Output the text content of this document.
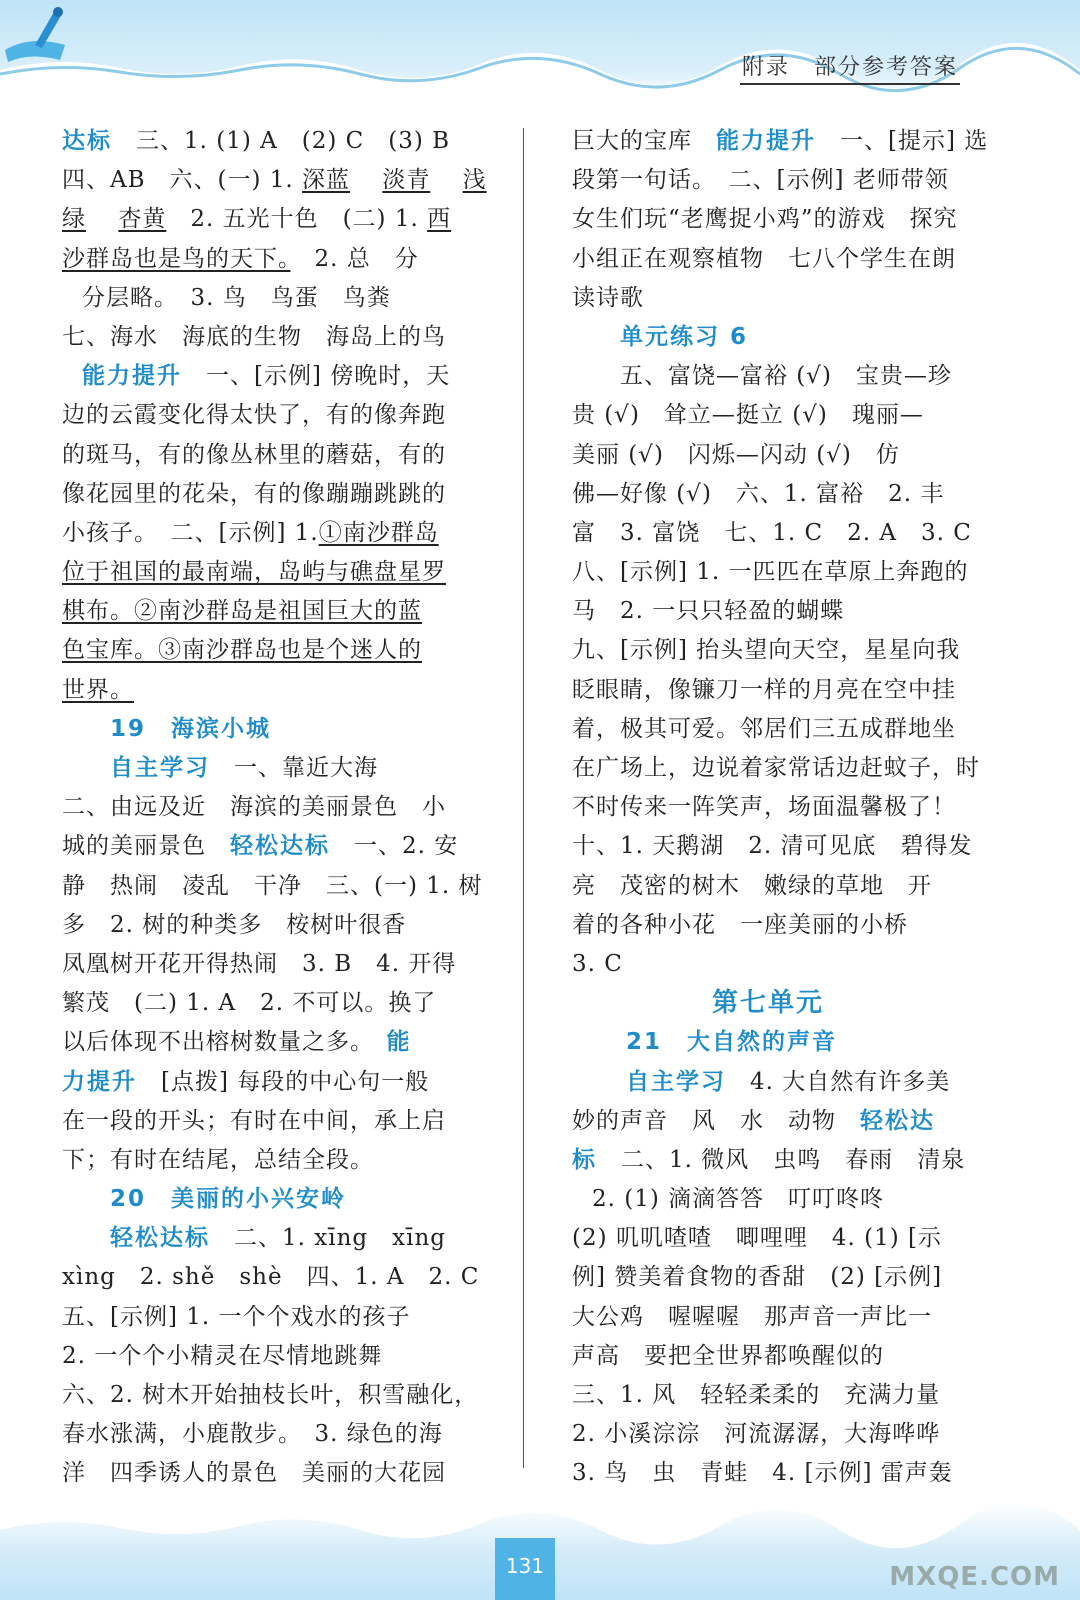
附录　部分参考答案
达标　三、1. (1) A　(2) C　(3) B
四、AB　六、(一) 1. 深蓝　 淡青　 浅
绿　 杏黄　2. 五光十色　(二) 1. 西
沙群岛也是鸟的天下。　2. 总　分
分层略。　3. 鸟　鸟蛋　鸟粪
七、海水　海底的生物　海岛上的鸟
能力提升　一、[示例] 傍晚时，天
边的云霞变化得太快了，有的像奔跑
的斑马，有的像丛林里的蘑菇，有的
像花园里的花朵，有的像蹦蹦跳跳的
小孩子。　二、[示例] 1.①南沙群岛
位于祖国的最南端，岛屿与礁盘星罗
棋布。②南沙群岛是祖国巨大的蓝
色宝库。③南沙群岛也是个迷人的
世界。
19　海滨小城
自主学习　一、靠近大海
二、由远及近　海滨的美丽景色　小
城的美丽景色　轻松达标　一、2. 安
静　热闹　凌乱　干净　三、(一) 1. 树
多　2. 树的种类多　桉树叶很香
凤凰树开花开得热闹　3. B　4. 开得
繁茂　(二) 1. A　2. 不可以。换了
以后体现不出榕树数量之多。　能
力提升　[点拨] 每段的中心句一般
在一段的开头；有时在中间，承上启
下；有时在结尾，总结全段。
20　美丽的小兴安岭
轻松达标　二、1. xīng　xīng
xìng　2. shě　shè　四、1. A　2. C
五、[示例] 1. 一个个戏水的孩子
2. 一个个小精灵在尽情地跳舞
六、2. 树木开始抽枝长叶，积雪融化，
春水涨满，小鹿散步。　3. 绿色的海
洋　四季诱人的景色　美丽的大花园
巨大的宝库　能力提升　一、[提示] 选
段第一句话。　二、[示例] 老师带领
女生们玩“老鹰捉小鸡”的游戏　探究
小组正在观察植物　七八个学生在朗
读诗歌
单元练习 6
五、富饶—富裕 (√)　宝贵—珍
贵 (√)　耸立—挺立 (√)　瑰丽—
美丽 (√)　闪烁—闪动 (√)　仿
佛—好像 (√)　六、1. 富裕　2. 丰
富　3. 富饶　七、1. C　2. A　3. C
八、[示例] 1. 一匹匹在草原上奔跑的
马　2. 一只只轻盈的蝴蝶
九、[示例] 抬头望向天空，星星向我
眨眼睛，像镰刀一样的月亮在空中挂
着，极其可爱。邻居们三五成群地坐
在广场上，边说着家常话边赶蚊子，时
不时传来一阵笑声，场面温馨极了！
十、1. 天鹅湖　2. 清可见底　碧得发
亮　茂密的树木　嫩绿的草地　开
着的各种小花　一座美丽的小桥
3. C
第七单元
21　大自然的声音
自主学习　4. 大自然有许多美
妙的声音　风　水　动物　轻松达
标　二、1. 微风　虫鸣　春雨　清泉
2. (1) 滴滴答答　叮叮咚咚
(2) 叽叽喳喳　唧哩哩　4. (1) [示
例] 赞美着食物的香甜　(2) [示例]
大公鸡　喔喔喔　那声音一声比一
声高　要把全世界都唤醒似的
三、1. 风　轻轻柔柔的　充满力量
2. 小溪淙淙　河流潺潺，大海哗哗
3. 鸟　虫　青蛙　4. [示例] 雷声轰
131	MXQE.COM
